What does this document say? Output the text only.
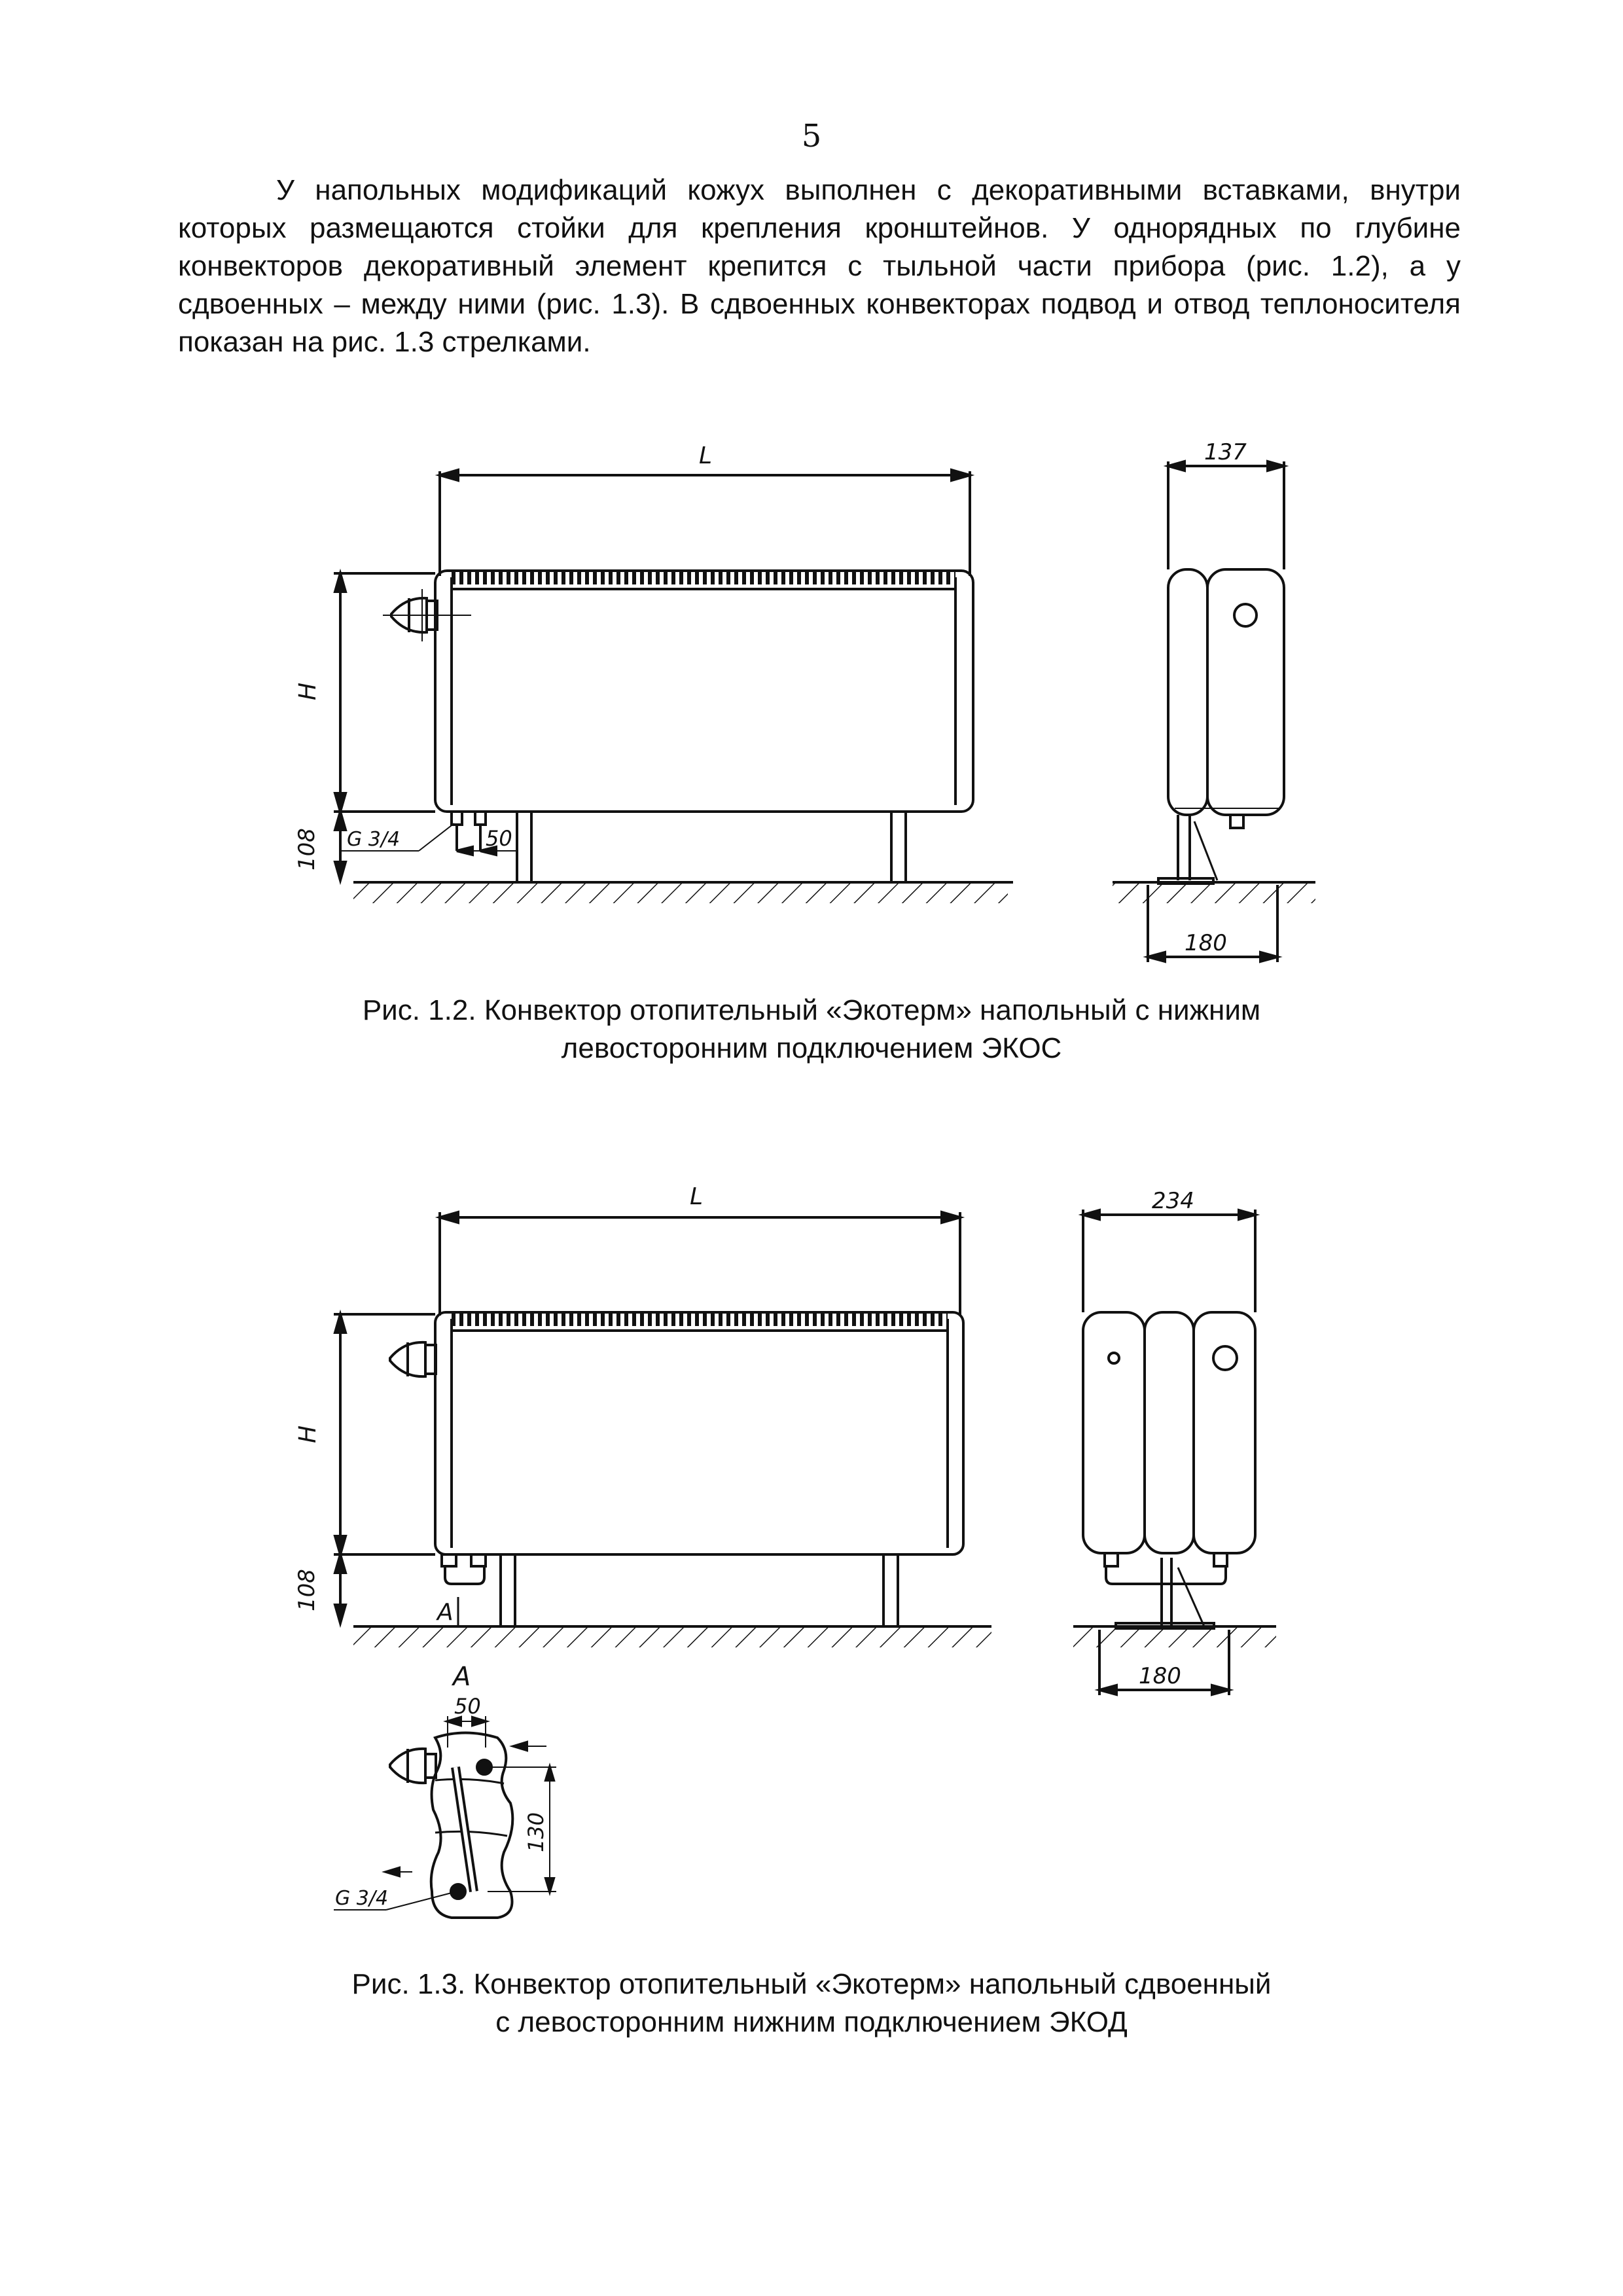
5
У напольных модификаций кожух выполнен с декоративными вставками, внутри которых размещаются стойки для крепления кронштейнов. У однорядных по глубине конвекторов декоративный элемент крепится с тыльной части прибора (рис. 1.2), а у сдвоенных – между ними (рис. 1.3). В сдвоенных конвекторах подвод и отвод теплоносителя показан на рис. 1.3 стрелками.
L
H
108 G 3/4	50
137
180
Рис. 1.2. Конвектор отопительный «Экотерм» напольный с нижним
левосторонним подключением ЭКОС
L
A
H
108
234
180
A
50
130
G 3/4
Рис. 1.3. Конвектор отопительный «Экотерм» напольный сдвоенный
с левосторонним нижним подключением ЭКОД
